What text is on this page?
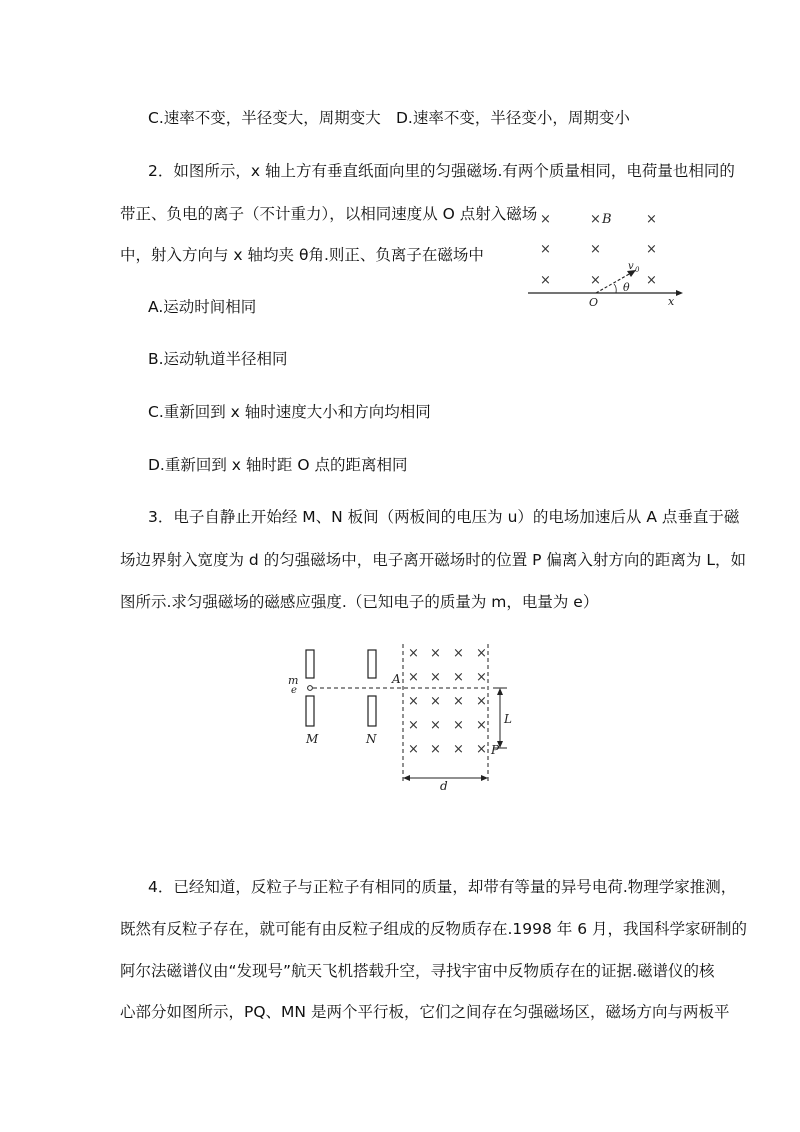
C.速率不变，半径变大，周期变大 D.速率不变，半径变小，周期变小
2．如图所示，x 轴上方有垂直纸面向里的匀强磁场.有两个质量相同，电荷量也相同的
带正、负电的离子（不计重力），以相同速度从 O 点射入磁场
中，射入方向与 x 轴均夹 θ角.则正、负离子在磁场中
A.运动时间相同
B.运动轨道半径相同
C.重新回到 x 轴时速度大小和方向均相同
D.重新回到 x 轴时距 O 点的距离相同
×	×	×
×	×	×
×	×	×
B
x
O
v 0
θ
3．电子自静止开始经 M、N 板间（两板间的电压为 u）的电场加速后从 A 点垂直于磁
场边界射入宽度为 d 的匀强磁场中，电子离开磁场时的位置 P 偏离入射方向的距离为 L，如
图所示.求匀强磁场的磁感应强度.（已知电子的质量为 m，电量为 e）
m
e
M	N
A
× × × ×
× × × ×
× × × ×
× × × ×
× × × ×
L
P
d
4．已经知道，反粒子与正粒子有相同的质量，却带有等量的异号电荷.物理学家推测，
既然有反粒子存在，就可能有由反粒子组成的反物质存在.1998 年 6 月，我国科学家研制的
阿尔法磁谱仪由“发现号”航天飞机搭载升空，寻找宇宙中反物质存在的证据.磁谱仪的核
心部分如图所示，PQ、MN 是两个平行板，它们之间存在匀强磁场区，磁场方向与两板平
